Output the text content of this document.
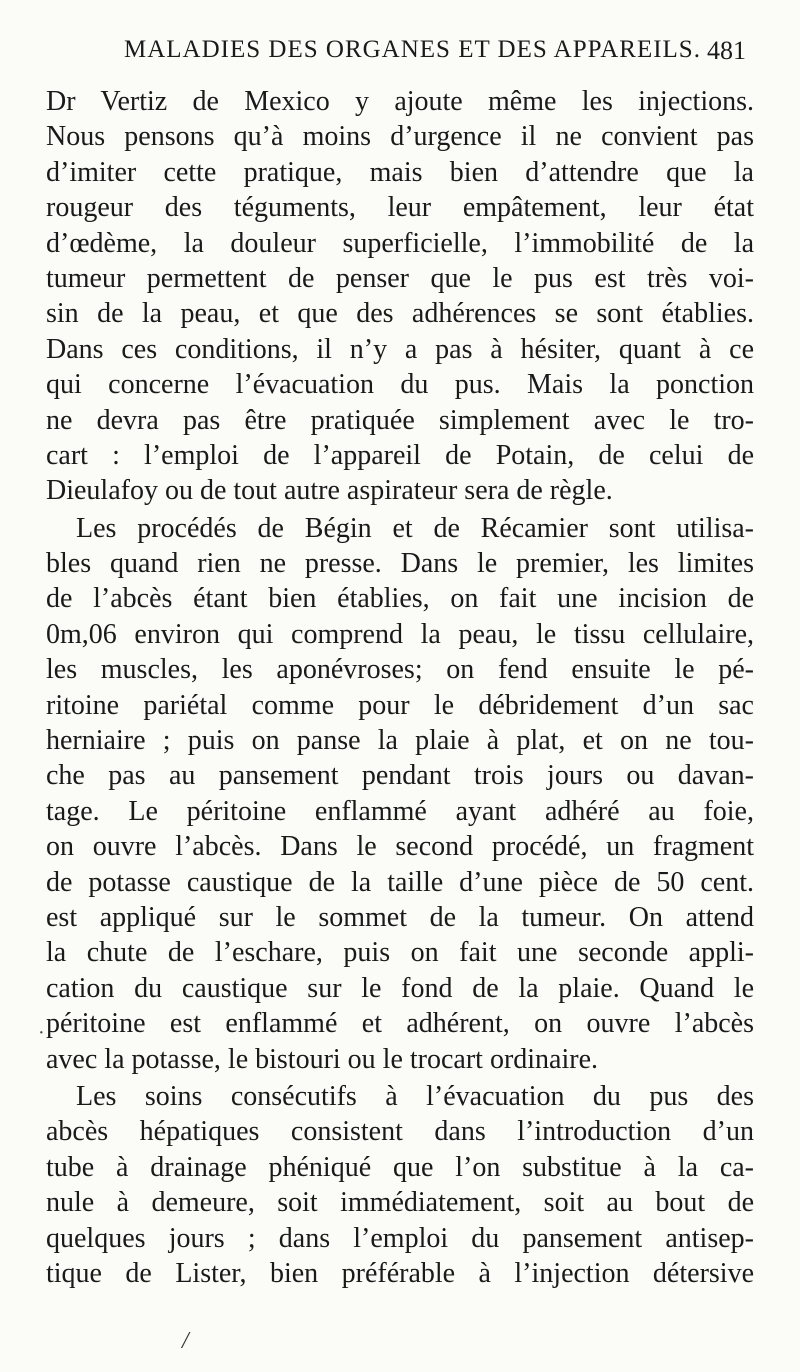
MALADIES DES ORGANES ET DES APPAREILS. 481
Dr Vertiz de Mexico y ajoute même les injections.
Nous pensons qu’à moins d’urgence il ne convient pas
d’imiter cette pratique, mais bien d’attendre que la
rougeur des téguments, leur empâtement, leur état
d’œdème, la douleur superficielle, l’immobilité de la
tumeur permettent de penser que le pus est très voi-
sin de la peau, et que des adhérences se sont établies.
Dans ces conditions, il n’y a pas à hésiter, quant à ce
qui concerne l’évacuation du pus. Mais la ponction
ne devra pas être pratiquée simplement avec le tro-
cart : l’emploi de l’appareil de Potain, de celui de
Dieulafoy ou de tout autre aspirateur sera de règle.
Les procédés de Bégin et de Récamier sont utilisa-
bles quand rien ne presse. Dans le premier, les limites
de l’abcès étant bien établies, on fait une incision de
0m,06 environ qui comprend la peau, le tissu cellulaire,
les muscles, les aponévroses; on fend ensuite le pé-
ritoine pariétal comme pour le débridement d’un sac
herniaire ; puis on panse la plaie à plat, et on ne tou-
che pas au pansement pendant trois jours ou davan-
tage. Le péritoine enflammé ayant adhéré au foie,
on ouvre l’abcès. Dans le second procédé, un fragment
de potasse caustique de la taille d’une pièce de 50 cent.
est appliqué sur le sommet de la tumeur. On attend
la chute de l’eschare, puis on fait une seconde appli-
cation du caustique sur le fond de la plaie. Quand le
péritoine est enflammé et adhérent, on ouvre l’abcès
avec la potasse, le bistouri ou le trocart ordinaire.
Les soins consécutifs à l’évacuation du pus des
abcès hépatiques consistent dans l’introduction d’un
tube à drainage phéniqué que l’on substitue à la ca-
nule à demeure, soit immédiatement, soit au bout de
quelques jours ; dans l’emploi du pansement antisep-
tique de Lister, bien préférable à l’injection détersive
·
/
